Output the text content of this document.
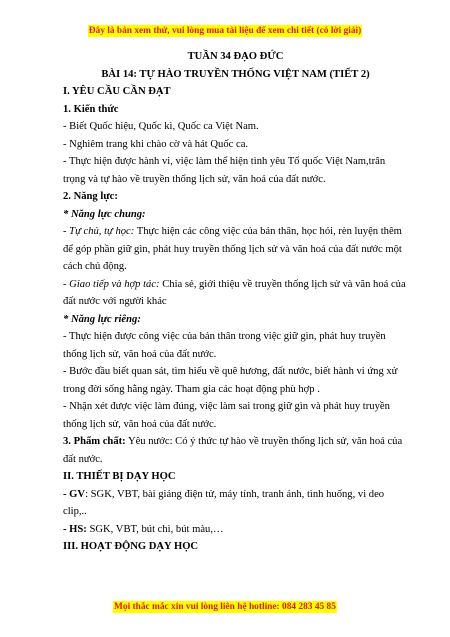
Đây là bản xem thử, vui lòng mua tài liệu để xem chi tiết (có lời giải)

TUẦN 34 ĐẠO ĐỨC

BÀI 14: TỰ HÀO TRUYỀN THỐNG VIỆT NAM (TIẾT 2)

I. YÊU CẦU CẦN ĐẠT

1. Kiến thức

- Biết Quốc hiệu, Quốc kì, Quốc ca Việt Nam.

- Nghiêm trang khi chào cờ và hát Quốc ca.

- Thực hiện được hành vi, việc làm thể hiện tình yêu Tổ quốc Việt Nam,trân trọng và tự hào về truyền thống lịch sử, văn hoá của đất nước.

2. Năng lực:

* Năng lực chung:

- Tự chủ, tự học: Thực hiện các công việc của bản thân, học hỏi, rèn luyện thêm để góp phần giữ gìn, phát huy truyền thống lịch sử và văn hoá của đất nước một cách chủ động.

- Giao tiếp và hợp tác: Chia sẻ, giới thiệu về truyền thống lịch sử và văn hoá của đất nước với người khác

* Năng lực riêng:

- Thực hiện được công việc của bản thân trong việc giữ gìn, phát huy truyền thống lịch sử, văn hoá của đất nước.

- Bước đầu biết quan sát, tìm hiểu về quê hương, đất nước, biết hành vi ứng xử trong đời sống hằng ngày. Tham gia các hoạt động phù hợp .

- Nhận xét được việc làm đúng, việc làm sai trong giữ gìn và phát huy truyền thống lịch sử, văn hoá của đất nước.

3. Phẩm chất: Yêu nước: Có ý thức tự hào về truyền thống lịch sử, văn hoá của đất nước.

II. THIẾT BỊ DẠY HỌC

- GV: SGK, VBT, bài giảng điện tử, máy tính, tranh ảnh, tình huống, vi deo clip,..

- HS: SGK, VBT, bút chì, bút màu,…

III. HOẠT ĐỘNG DẠY HỌC

Mọi thắc mắc xin vui lòng liên hệ hotline: 084 283 45 85
